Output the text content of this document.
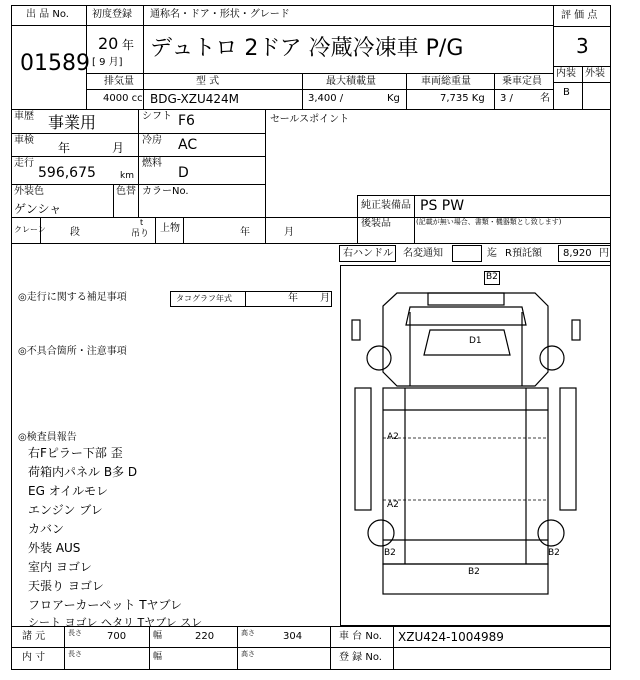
出 品 No.
01589
初度登録 通称名・ドア・形状・グレード
20 年
[ 9 月]
デュトロ 2ドア 冷蔵冷凍車 P/G
評 価 点
3
内装 外装
B
排気量
4000 cc
型 式
BDG-XZU424M
最大積載量
3,400 /	Kg
車両総重量
7,735 Kg
乗車定員
3 /	名
車歴 事業用	シフト F6
車検
年	月
冷房 AC
走行
596,675	km
燃料
D
外装色
ゲンシャ
色替 カラーNo.
セールスポイント
純正装備品 PS PW
後装品	(記載が無い場合、書類・機器類とし致します)
クレーン 段
t
吊り 上物	年	月
右ハンドル 名変通知	迄 R預託額 8,920 円
◎走行に関する補足事項	タコグラフ年式	年 月
◎不具合箇所・注意事項
◎検査員報告
右Fピラー下部 歪
荷箱内パネル B多 D
EG オイルモレ
エンジン ブレ
カバン
外装 AUS
室内 ヨゴレ
天張り ヨゴレ
フロアーカーペット Tヤブレ
シート ヨゴレ ヘタリ Tヤブレ スレ
B2
D1
A2
A2
B2	B2
B2
諸 元	長さ	700	幅	220	高さ	304	車 台 No. XZU424-1004989
内 寸	長さ	幅	高さ	登 録 No.
